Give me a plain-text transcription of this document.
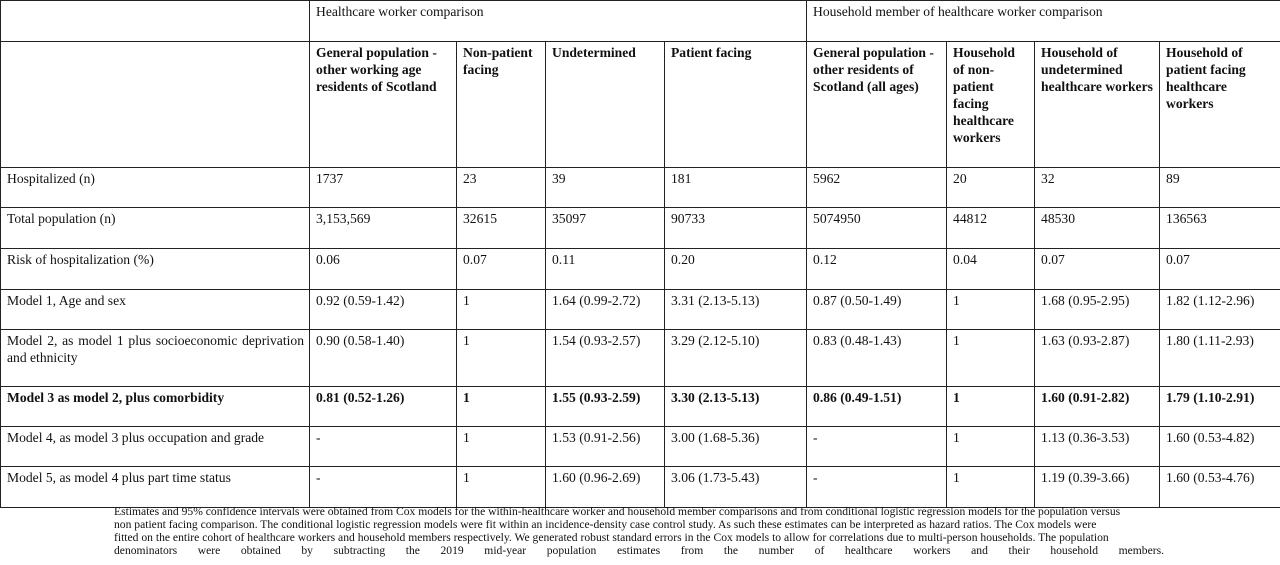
	Healthcare worker comparison				Household member of healthcare worker comparison			
	General population - other working age residents of Scotland	Non-patient facing	Undetermined	Patient facing	General population - other residents of Scotland (all ages)	Household of non-patient facing healthcare workers	Household of undetermined healthcare workers	Household of patient facing healthcare workers
Hospitalized (n)	1737	23	39	181	5962	20	32	89
Total population (n)	3,153,569	32615	35097	90733	5074950	44812	48530	136563
Risk of hospitalization (%)	0.06	0.07	0.11	0.20	0.12	0.04	0.07	0.07
Model 1, Age and sex	0.92 (0.59-1.42)	1	1.64 (0.99-2.72)	3.31 (2.13-5.13)	0.87 (0.50-1.49)	1	1.68 (0.95-2.95)	1.82 (1.12-2.96)
Model 2, as model 1 plus socioeconomic deprivation and ethnicity	0.90 (0.58-1.40)	1	1.54 (0.93-2.57)	3.29 (2.12-5.10)	0.83 (0.48-1.43)	1	1.63 (0.93-2.87)	1.80 (1.11-2.93)
Model 3 as model 2, plus comorbidity	0.81 (0.52-1.26)	1	1.55 (0.93-2.59)	3.30 (2.13-5.13)	0.86 (0.49-1.51)	1	1.60 (0.91-2.82)	1.79 (1.10-2.91)
Model 4, as model 3 plus occupation and grade	-	1	1.53 (0.91-2.56)	3.00 (1.68-5.36)	-	1	1.13 (0.36-3.53)	1.60 (0.53-4.82)
Model 5, as model 4 plus part time status	-	1	1.60 (0.96-2.69)	3.06 (1.73-5.43)	-	1	1.19 (0.39-3.66)	1.60 (0.53-4.76)
Estimates and 95% confidence intervals were obtained from Cox models for the within-healthcare worker and household member comparisons and from conditional logistic regression models for the population versus
non patient facing comparison. The conditional logistic regression models were fit within an incidence-density case control study. As such these estimates can be interpreted as hazard ratios. The Cox models were
fitted on the entire cohort of healthcare workers and household members respectively. We generated robust standard errors in the Cox models to allow for correlations due to multi-person households. The population
denominators were obtained by subtracting the 2019 mid-year population estimates from the number of healthcare workers and their household members.
